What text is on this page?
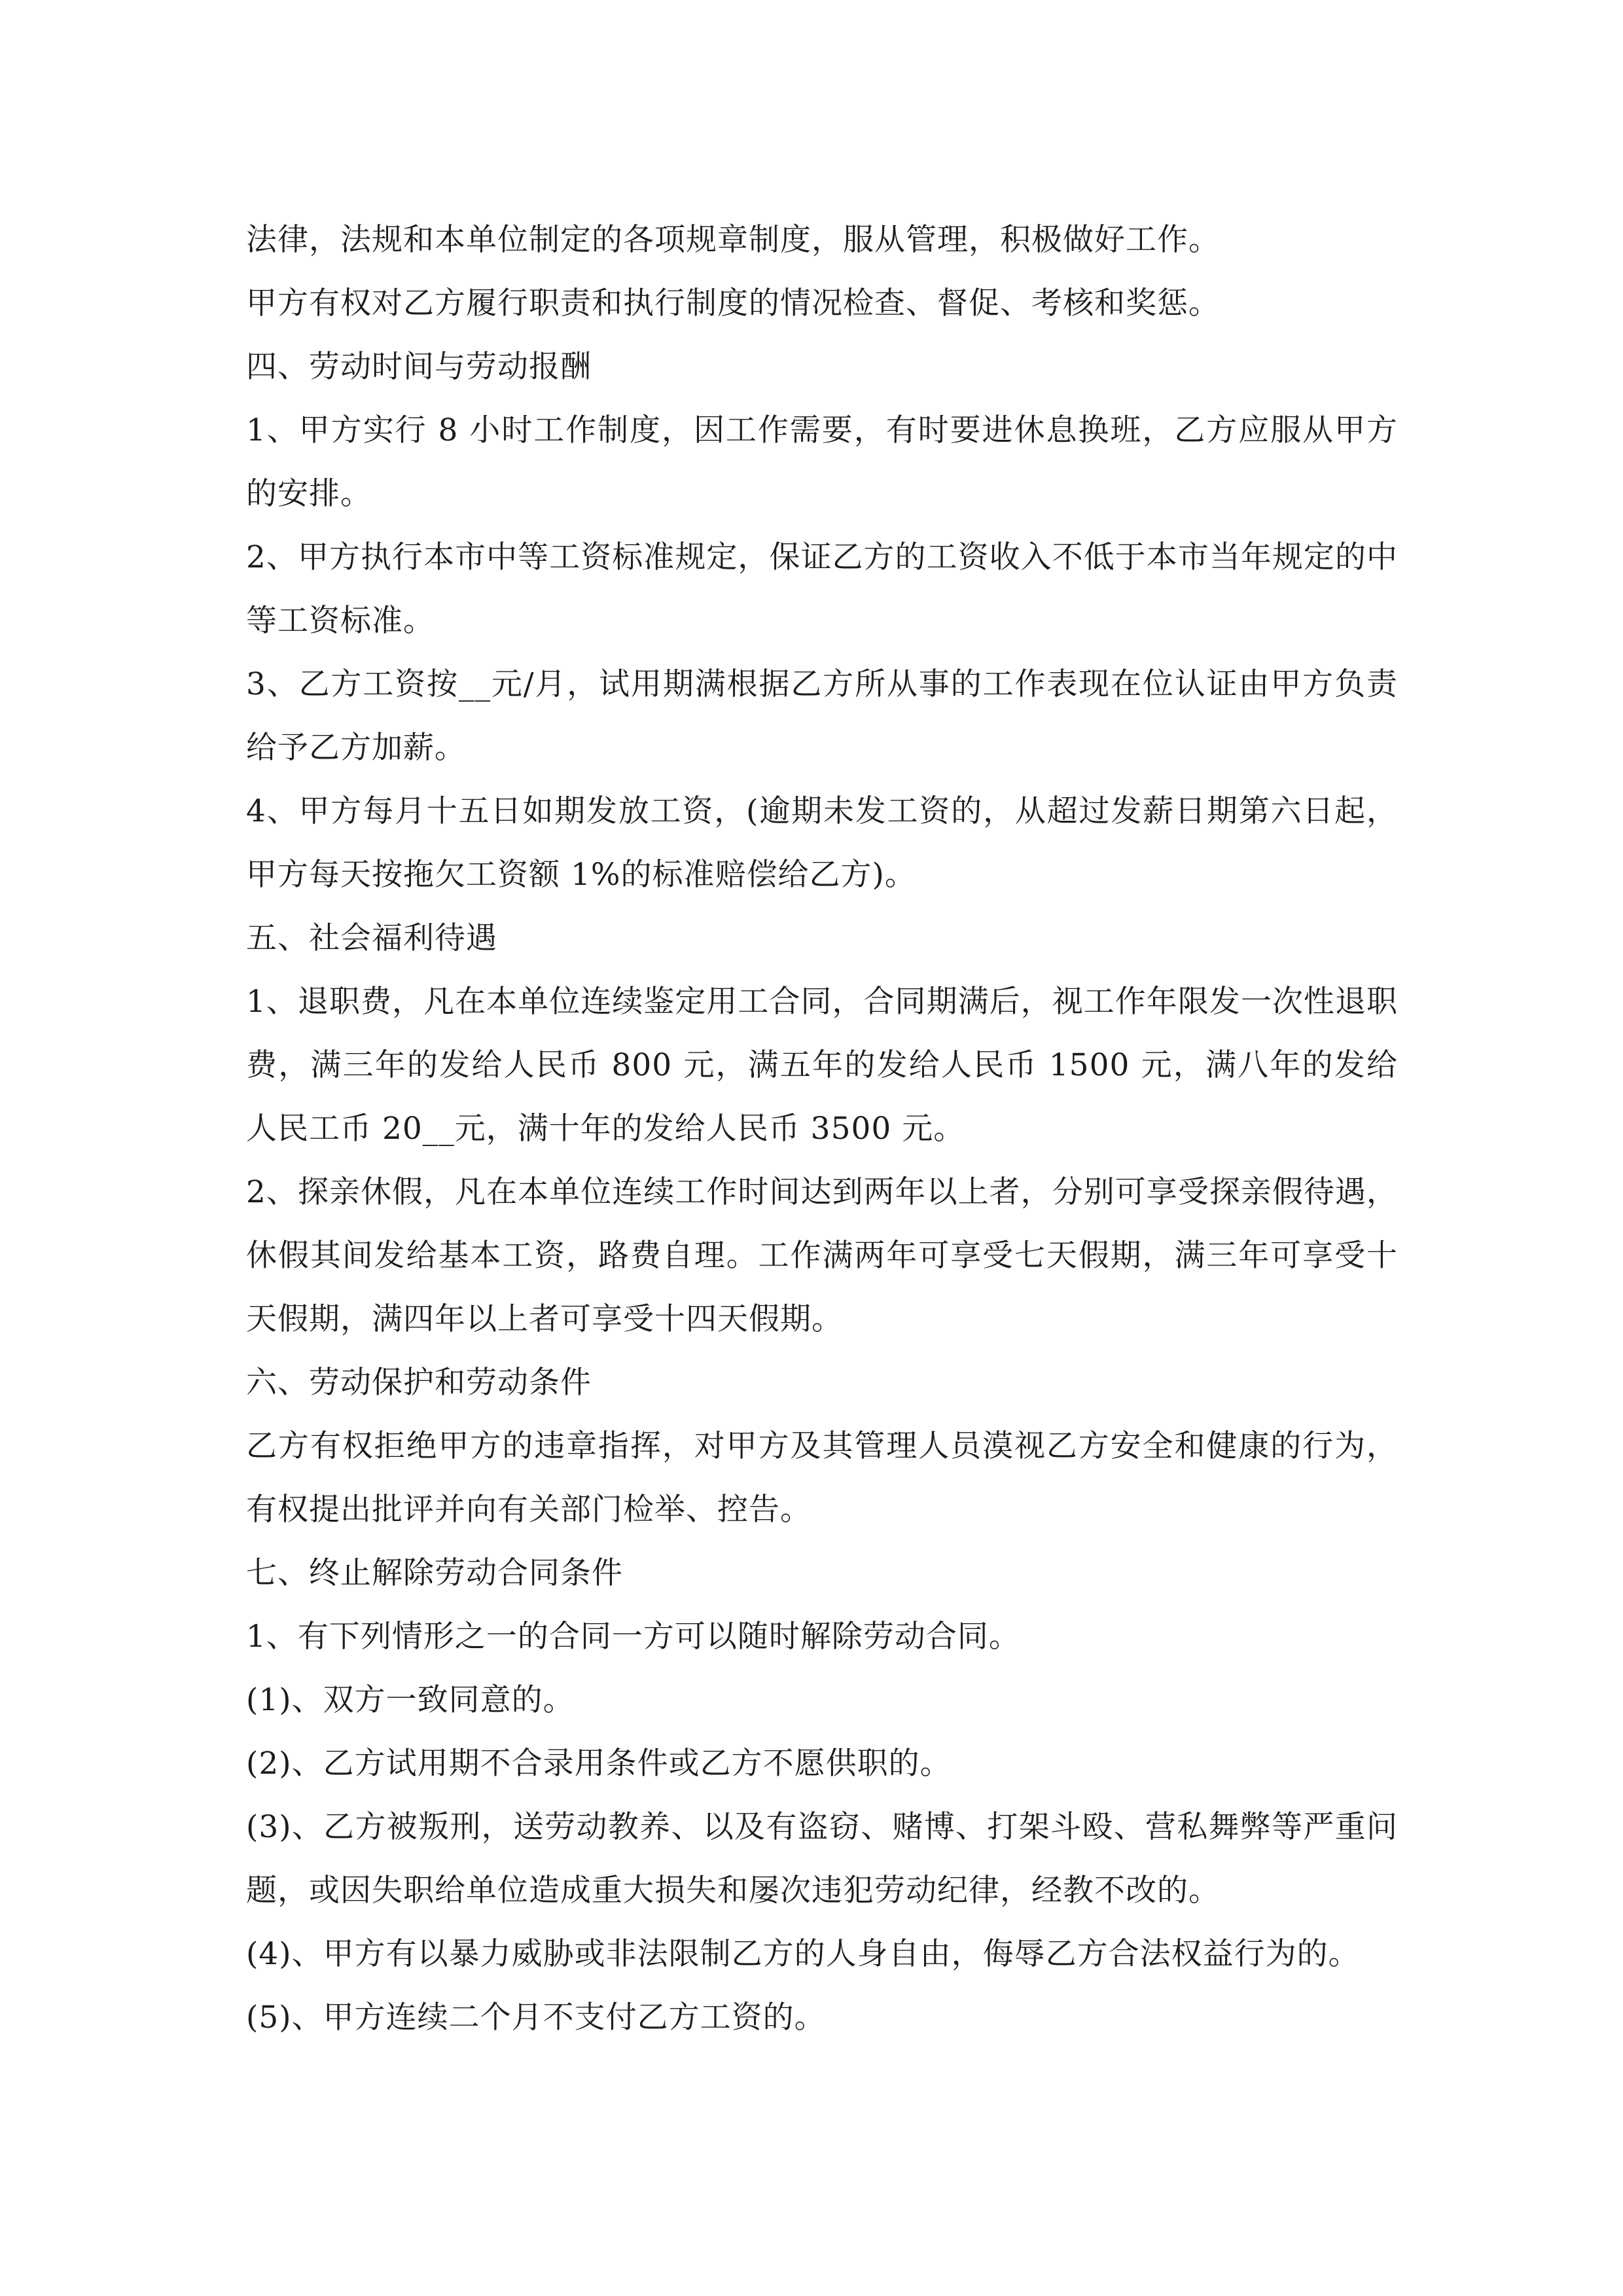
法律，法规和本单位制定的各项规章制度，服从管理，积极做好工作。

甲方有权对乙方履行职责和执行制度的情况检查、督促、考核和奖惩。

四、劳动时间与劳动报酬

1、甲方实行 8 小时工作制度，因工作需要，有时要进休息换班，乙方应服从甲方的安排。

2、甲方执行本市中等工资标准规定，保证乙方的工资收入不低于本市当年规定的中等工资标准。

3、乙方工资按__元/月，试用期满根据乙方所从事的工作表现在位认证由甲方负责给予乙方加薪。

4、甲方每月十五日如期发放工资，(逾期未发工资的，从超过发薪日期第六日起，甲方每天按拖欠工资额 1%的标准赔偿给乙方)。

五、社会福利待遇

1、退职费，凡在本单位连续鉴定用工合同，合同期满后，视工作年限发一次性退职费，满三年的发给人民币 800 元，满五年的发给人民币 1500 元，满八年的发给人民工币 20__元，满十年的发给人民币 3500 元。

2、探亲休假，凡在本单位连续工作时间达到两年以上者，分别可享受探亲假待遇，休假其间发给基本工资，路费自理。工作满两年可享受七天假期，满三年可享受十天假期，满四年以上者可享受十四天假期。

六、劳动保护和劳动条件

乙方有权拒绝甲方的违章指挥，对甲方及其管理人员漠视乙方安全和健康的行为，有权提出批评并向有关部门检举、控告。

七、终止解除劳动合同条件

1、有下列情形之一的合同一方可以随时解除劳动合同。

(1)、双方一致同意的。

(2)、乙方试用期不合录用条件或乙方不愿供职的。

(3)、乙方被叛刑，送劳动教养、以及有盗窃、赌博、打架斗殴、营私舞弊等严重问题，或因失职给单位造成重大损失和屡次违犯劳动纪律，经教不改的。

(4)、甲方有以暴力威胁或非法限制乙方的人身自由，侮辱乙方合法权益行为的。

(5)、甲方连续二个月不支付乙方工资的。
